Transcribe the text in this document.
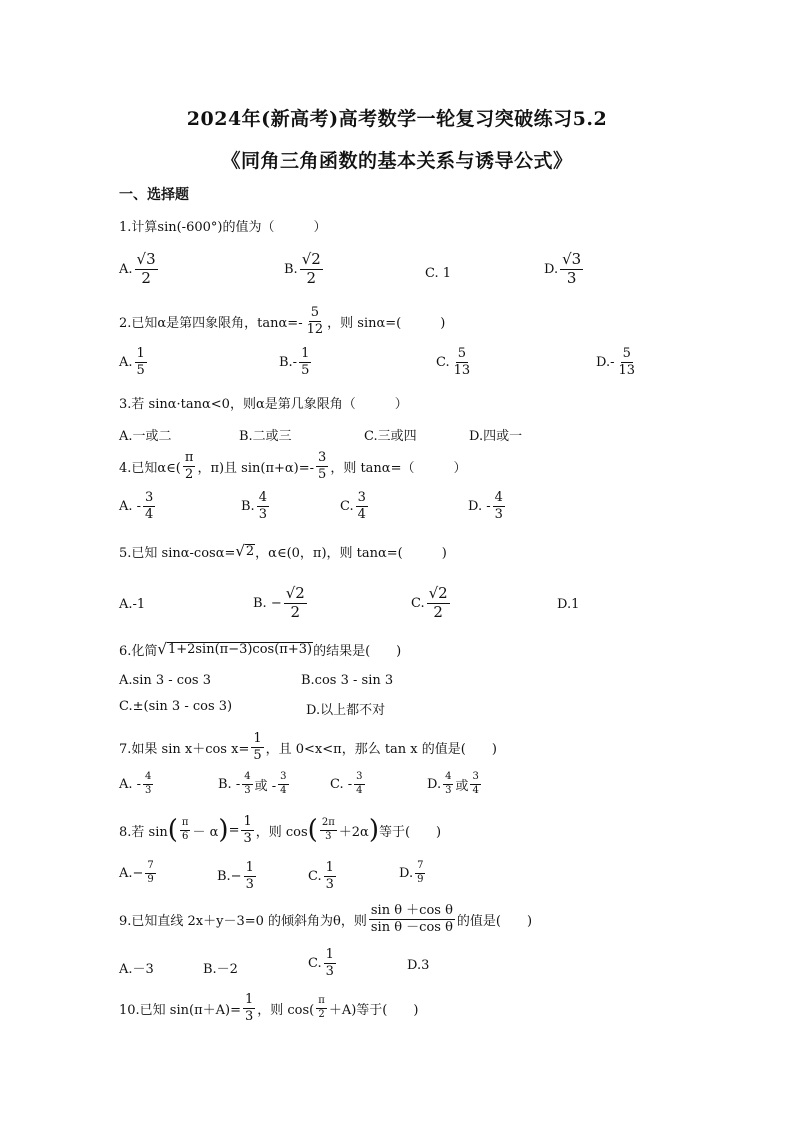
2024年(新高考)高考数学一轮复习突破练习5.2
《同角三角函数的基本关系与诱导公式》
一、选择题
1.计算sin(-600°)的值为（　　　）
A. $\frac{√3}{2}$	B. $\frac{√2}{2}$	C. 1	D. $\frac{√3}{3}$
2.已知α是第四象限角，$\tan\alpha=- \frac{5}{12}$ ，则 sinα=(　　　)
A. $\frac{1}{5}$	$B.- \frac{1}{5}$	C. $\frac{5}{13}$	$D.- \frac{5}{13}$
3.若 sinα·tanα<0，则α是第几象限角（　　　）
A.一或二	B.二或三	C.三或四	D.四或一
4.已知α∈( $\frac{\pi}{2}$ ，π)且 $\sin(\pi+\alpha)=- \frac{3}{5}$ ，则 tanα=（　　　）
A. - $\frac{3}{4}$	B. $\frac{4}{3}$	C. $\frac{3}{4}$	D. - $\frac{4}{3}$
5.已知 sinα-cosα= √ 2 ，α∈(0，π)，则 tanα=(　　　)
A.-1	B. − $\frac{√2}{2}$	C. $\frac{√2}{2}$	D.1
6.化简 √ 1+2sin(π−3)cos(π+3) 的结果是(　　)
A.sin 3 - cos 3	B.cos 3 - sin 3
C.±(sin 3 - cos 3)	D.以上都不对
7.如果 sin x＋cos $x= \frac{1}{5}$ ，且 0<x<π，那么 tan x 的值是(　　)
A. - $\frac{4}{3}$	B. - $\frac{4}{3}$ 或 - $\frac{3}{4}$	C. - $\frac{3}{4}$	D. $\frac{4}{3}$ 或 $\frac{3}{4}$
8.若 sin ( $\frac{\pi}{6} - \alpha$ ) = $\frac{1}{3}$ ，则 cos ( $\frac{2\pi}{3} +2\alpha$ ) 等于(　　)
$A.- \frac{7}{9}$	$B.- \frac{1}{3}$	C. $\frac{1}{3}$	D. $\frac{7}{9}$
9.已知直线 2x＋y－3=0 的倾斜角为θ，则 $\frac{\text{sin θ ＋cos θ}}{\text{sin θ －cos θ}}$ 的值是(　　)
A.－3	B.－2	C. $\frac{1}{3}$	D.3
10.已知 $\sin(\pi+A)= \frac{1}{3}$ ，则 $\cos( \frac{\pi}{2} +A)$等于(　　)
